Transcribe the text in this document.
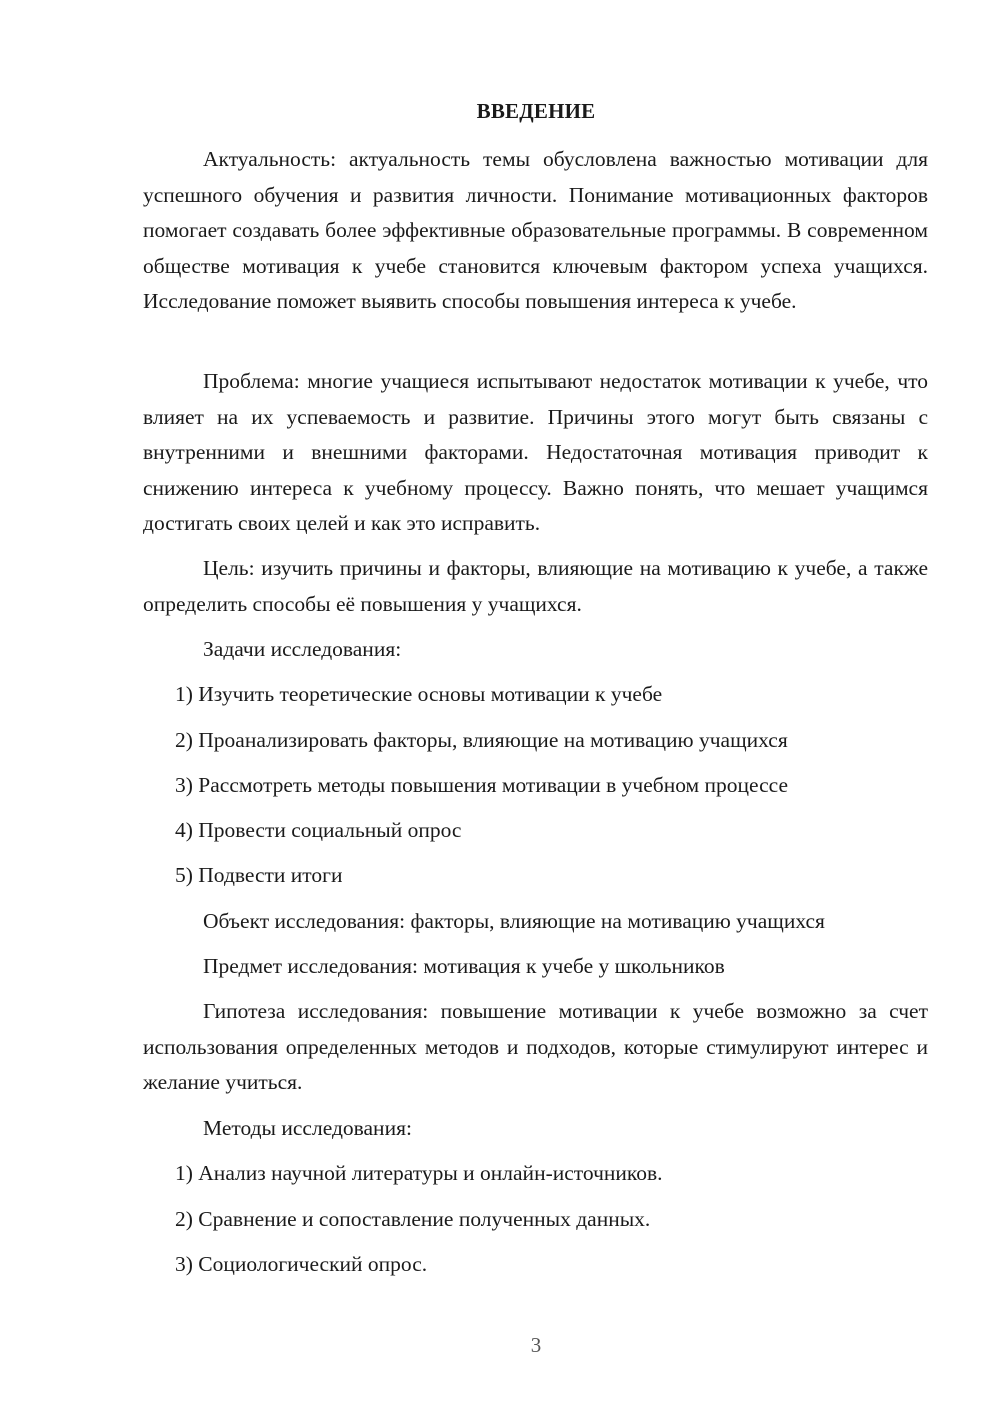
ВВЕДЕНИЕ

Актуальность: актуальность темы обусловлена важностью мотивации для успешного обучения и развития личности. Понимание мотивационных факторов помогает создавать более эффективные образовательные программы. В современном обществе мотивация к учебе становится ключевым фактором успеха учащихся. Исследование поможет выявить способы повышения интереса к учебе.

Проблема: многие учащиеся испытывают недостаток мотивации к учебе, что влияет на их успеваемость и развитие. Причины этого могут быть связаны с внутренними и внешними факторами. Недостаточная мотивация приводит к снижению интереса к учебному процессу. Важно понять, что мешает учащимся достигать своих целей и как это исправить.

Цель: изучить причины и факторы, влияющие на мотивацию к учебе, а также определить способы её повышения у учащихся.

Задачи исследования:
1) Изучить теоретические основы мотивации к учебе
2) Проанализировать факторы, влияющие на мотивацию учащихся
3) Рассмотреть методы повышения мотивации в учебном процессе
4) Провести социальный опрос
5) Подвести итоги
Объект исследования: факторы, влияющие на мотивацию учащихся
Предмет исследования: мотивация к учебе у школьников

Гипотеза исследования: повышение мотивации к учебе возможно за счет использования определенных методов и подходов, которые стимулируют интерес и желание учиться.

Методы исследования:
1) Анализ научной литературы и онлайн-источников.
2) Сравнение и сопоставление полученных данных.
3) Социологический опрос.
3
